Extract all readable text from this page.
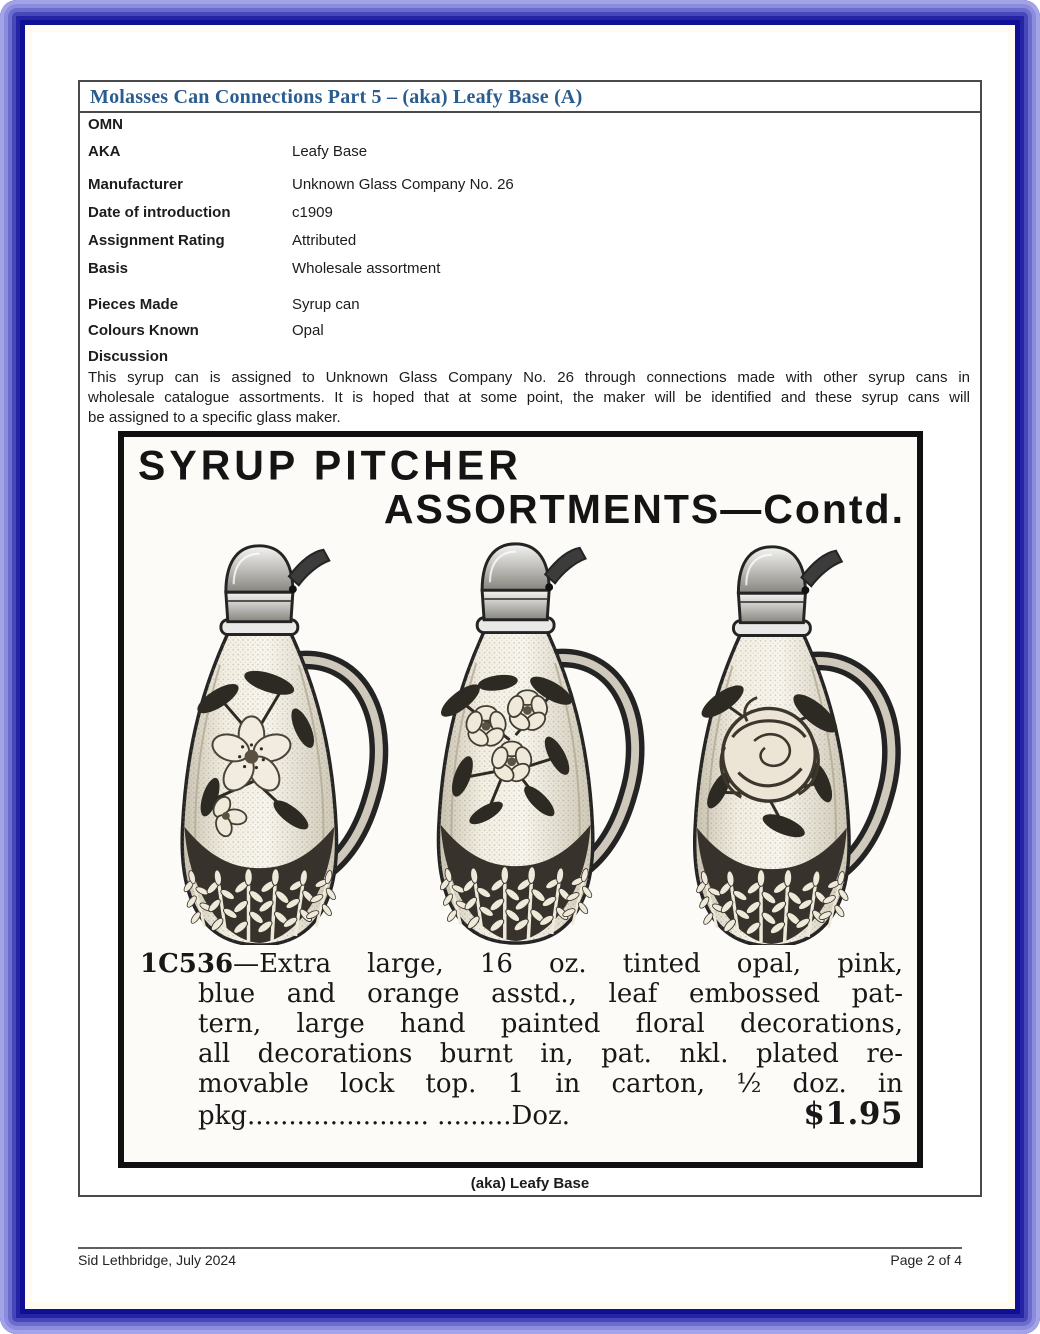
Molasses Can Connections Part 5 – (aka) Leafy Base (A)
OMN
AKA	Leafy Base
Manufacturer	Unknown Glass Company No. 26
Date of introduction	c1909
Assignment Rating	Attributed
Basis	Wholesale assortment
Pieces Made	Syrup can
Colours Known	Opal
Discussion
This syrup can is assigned to Unknown Glass Company No. 26 through connections made with other syrup cans in
wholesale catalogue assortments. It is hoped that at some point, the maker will be identified and these syrup cans will
be assigned to a specific glass maker.
SYRUP PITCHER
ASSORTMENTS—Contd.
1C536—Extra large, 16 oz. tinted opal, pink,
blue and orange asstd., leaf embossed pat-
tern, large hand painted floral decorations,
all decorations burnt in, pat. nkl. plated re-
movable lock top. 1 in carton, ½ doz. in
pkg...................... .........Doz.	$1.95
(aka) Leafy Base
Sid Lethbridge, July 2024	Page 2 of 4
